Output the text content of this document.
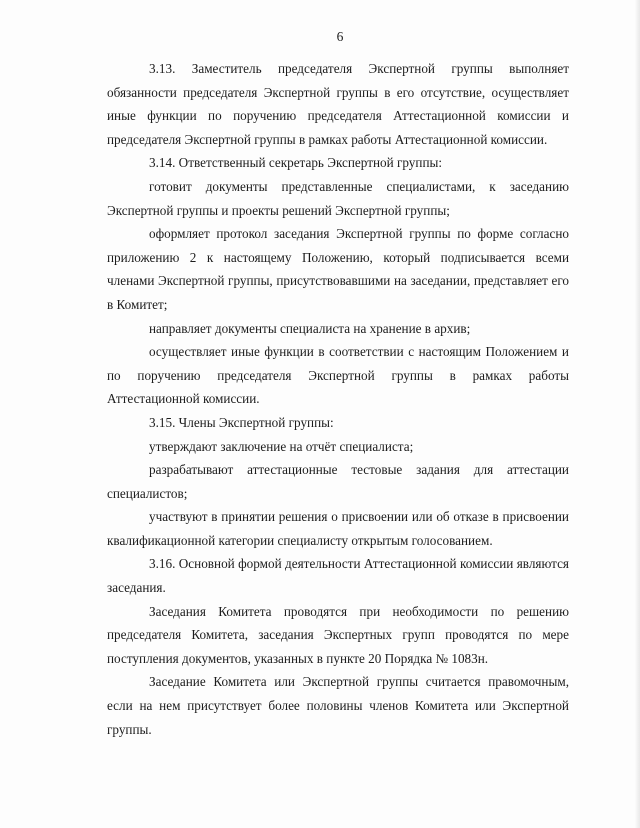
6

3.13. Заместитель председателя Экспертной группы выполняет обязанности председателя Экспертной группы в его отсутствие, осуществляет иные функции по поручению председателя Аттестационной комиссии и председателя Экспертной группы в рамках работы Аттестационной комиссии.

3.14. Ответственный секретарь Экспертной группы:

готовит документы представленные специалистами, к заседанию Экспертной группы и проекты решений Экспертной группы;

оформляет протокол заседания Экспертной группы по форме согласно приложению 2 к настоящему Положению, который подписывается всеми членами Экспертной группы, присутствовавшими на заседании, представляет его в Комитет;

направляет документы специалиста на хранение в архив;

осуществляет иные функции в соответствии с настоящим Положением и по поручению председателя Экспертной группы в рамках работы Аттестационной комиссии.

3.15. Члены Экспертной группы:

утверждают заключение на отчёт специалиста;

разрабатывают аттестационные тестовые задания для аттестации специалистов;

участвуют в принятии решения о присвоении или об отказе в присвоении квалификационной категории специалисту открытым голосованием.

3.16. Основной формой деятельности Аттестационной комиссии являются заседания.

Заседания Комитета проводятся при необходимости по решению председателя Комитета, заседания Экспертных групп проводятся по мере поступления документов, указанных в пункте 20 Порядка № 1083н.

Заседание Комитета или Экспертной группы считается правомочным, если на нем присутствует более половины членов Комитета или Экспертной группы.
